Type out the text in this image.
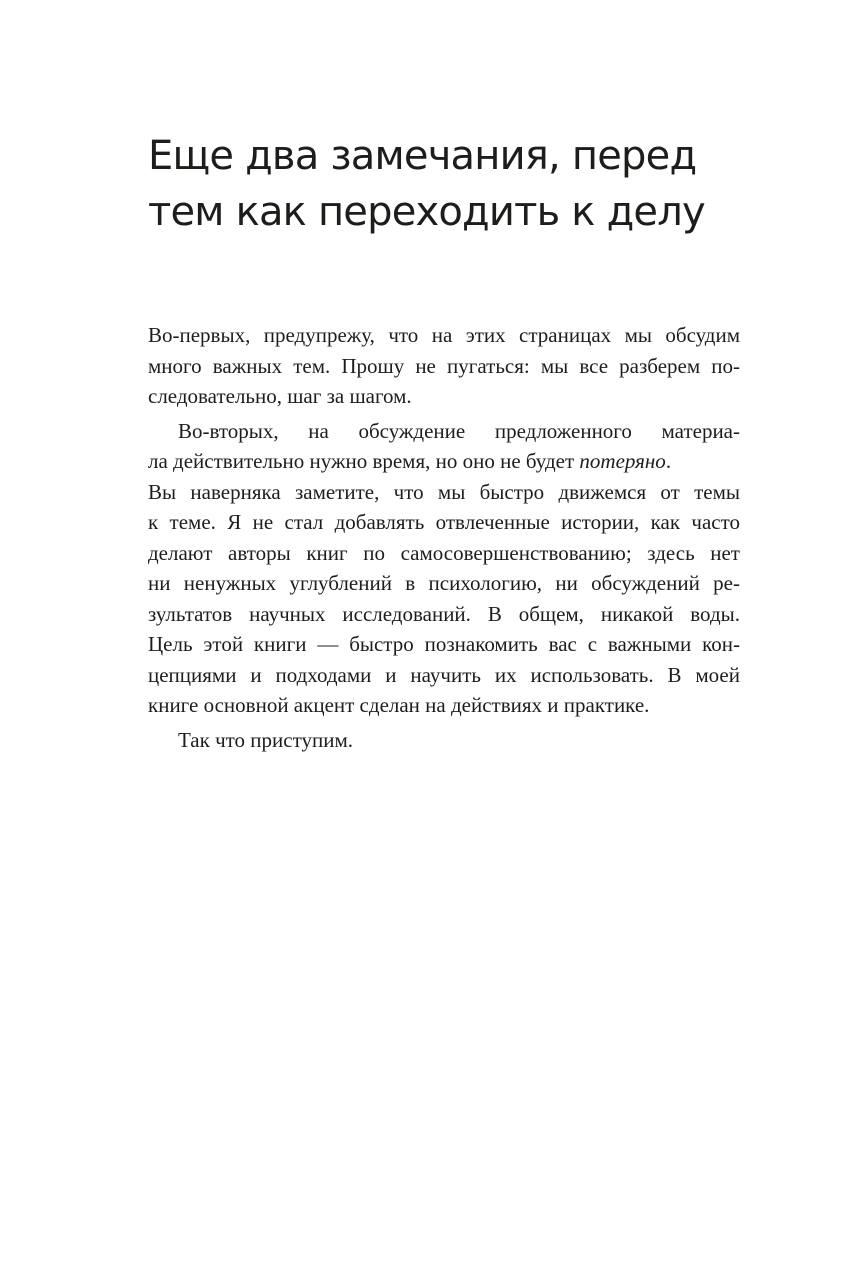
Еще два замечания, перед
тем как переходить к делу
Во-первых, предупрежу, что на этих страницах мы обсудим
много важных тем. Прошу не пугаться: мы все разберем по-
следовательно, шаг за шагом.
Во-вторых, на обсуждение предложенного материа-
ла действительно нужно время, но оно не будет потеряно.
Вы наверняка заметите, что мы быстро движемся от темы
к теме. Я не стал добавлять отвлеченные истории, как часто
делают авторы книг по самосовершенствованию; здесь нет
ни ненужных углублений в психологию, ни обсуждений ре-
зультатов научных исследований. В общем, никакой воды.
Цель этой книги — быстро познакомить вас с важными кон-
цепциями и подходами и научить их использовать. В моей
книге основной акцент сделан на действиях и практике.
Так что приступим.
